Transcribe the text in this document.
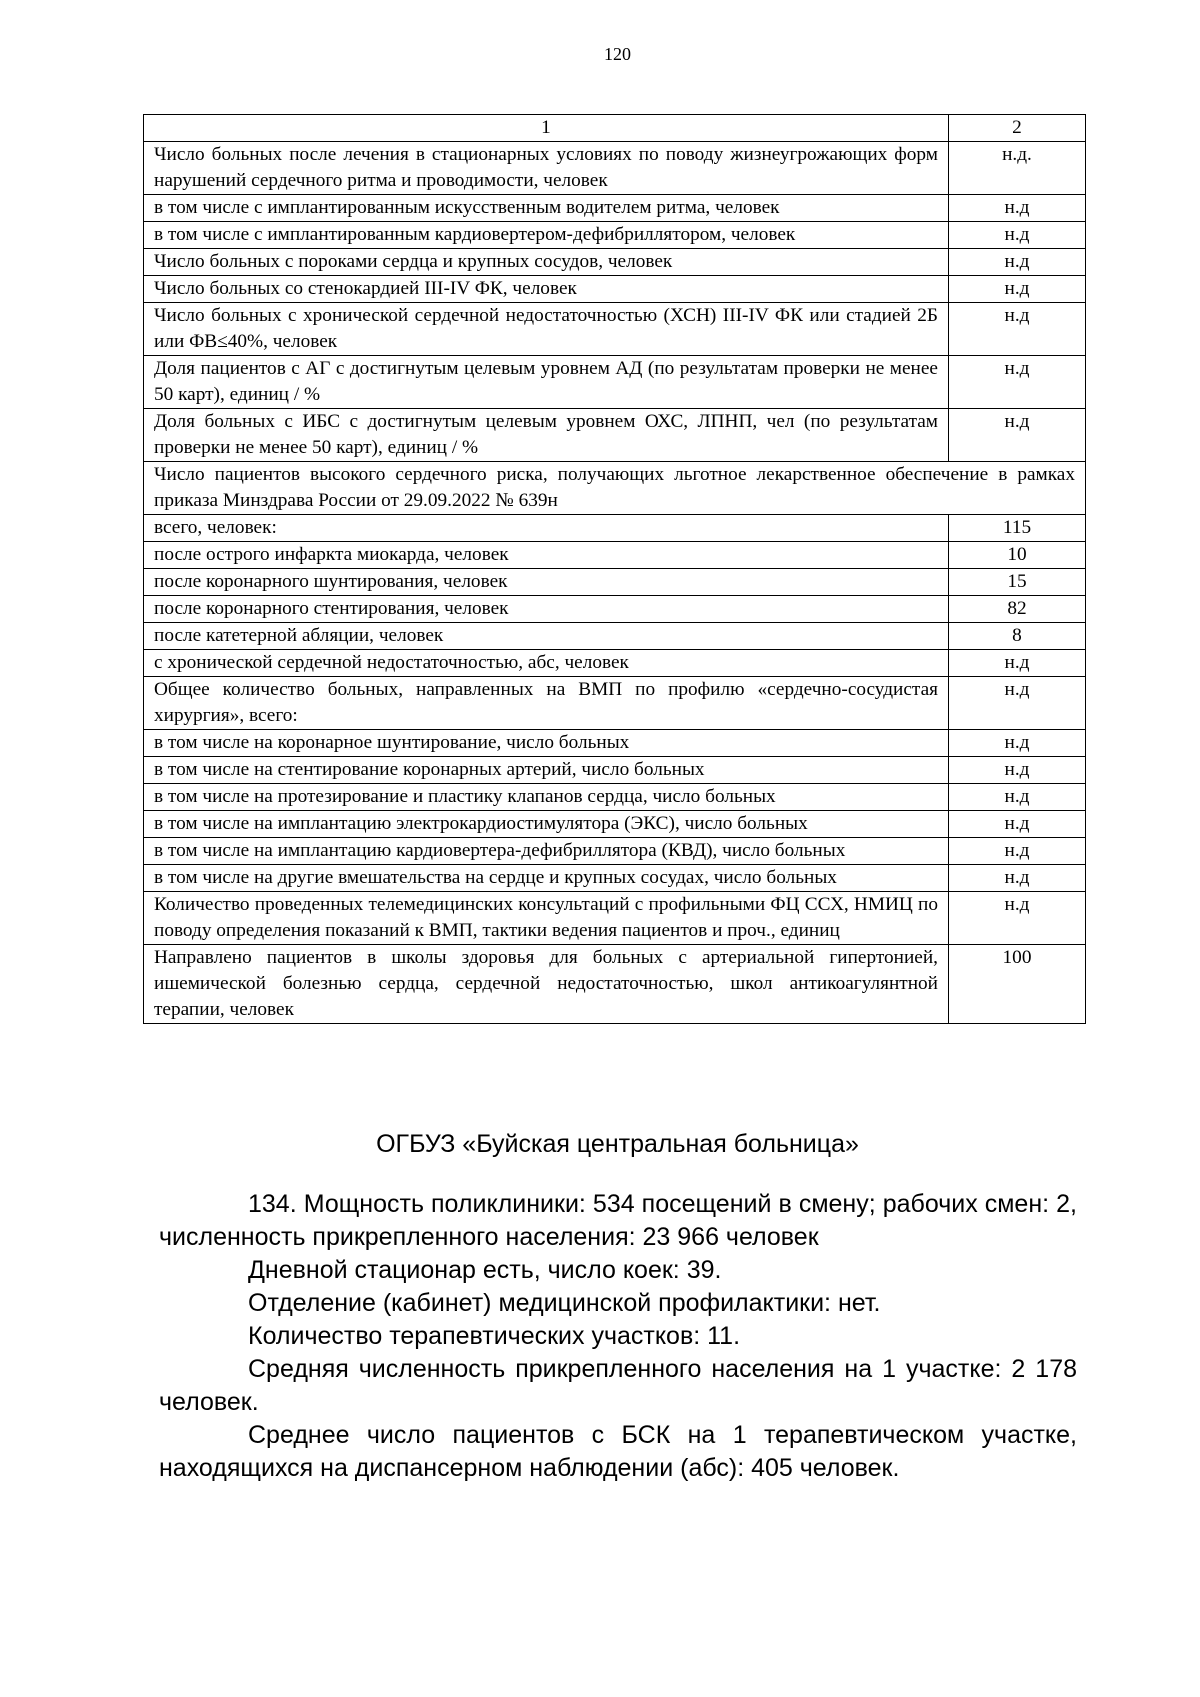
120
1	2
Число больных после лечения в стационарных условиях по поводу жизнеугрожающих форм нарушений сердечного ритма и проводимости, человек	н.д.
в том числе с имплантированным искусственным водителем ритма, человек	н.д
в том числе с имплантированным кардиовертером-дефибриллятором, человек	н.д
Число больных с пороками сердца и крупных сосудов, человек	н.д
Число больных со стенокардией III-IV ФК, человек	н.д
Число больных с хронической сердечной недостаточностью (ХСН) III-IV ФК или стадией 2Б или ФВ≤40%, человек	н.д
Доля пациентов с АГ с достигнутым целевым уровнем АД (по результатам проверки не менее 50 карт), единиц / %	н.д
Доля больных с ИБС с достигнутым целевым уровнем ОХС, ЛПНП, чел (по результатам проверки не менее 50 карт), единиц / %	н.д
Число пациентов высокого сердечного риска, получающих льготное лекарственное обеспечение в рамках приказа Минздрава России от 29.09.2022 № 639н	
всего, человек:	115
после острого инфаркта миокарда, человек	10
после коронарного шунтирования, человек	15
после коронарного стентирования, человек	82
после катетерной абляции, человек	8
с хронической сердечной недостаточностью, абс, человек	н.д
Общее количество больных, направленных на ВМП по профилю «сердечно-сосудистая хирургия», всего:	н.д
в том числе на коронарное шунтирование, число больных	н.д
в том числе на стентирование коронарных артерий, число больных	н.д
в том числе на протезирование и пластику клапанов сердца, число больных	н.д
в том числе на имплантацию электрокардиостимулятора (ЭКС), число больных	н.д
в том числе на имплантацию кардиовертера-дефибриллятора (КВД), число больных	н.д
в том числе на другие вмешательства на сердце и крупных сосудах, число больных	н.д
Количество проведенных телемедицинских консультаций с профильными ФЦ ССХ, НМИЦ по поводу определения показаний к ВМП, тактики ведения пациентов и проч., единиц	н.д
Направлено пациентов в школы здоровья для больных с артериальной гипертонией, ишемической болезнью сердца, сердечной недостаточностью, школ антикоагулянтной терапии, человек	100
ОГБУЗ «Буйская центральная больница»

134. Мощность поликлиники: 534 посещений в смену; рабочих смен: 2, численность прикрепленного населения: 23 966 человек

Дневной стационар есть, число коек: 39.

Отделение (кабинет) медицинской профилактики: нет.

Количество терапевтических участков: 11.

Средняя численность прикрепленного населения на 1 участке: 2 178 человек.

Среднее число пациентов с БСК на 1 терапевтическом участке, находящихся на диспансерном наблюдении (абс): 405 человек.
